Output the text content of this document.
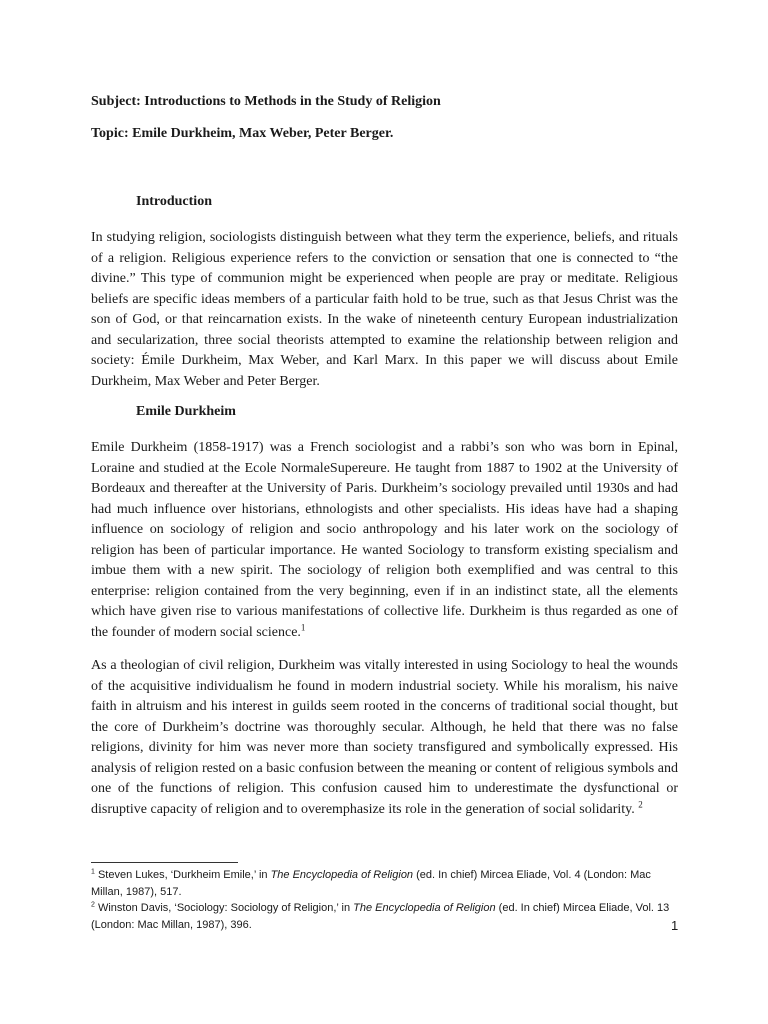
Subject: Introductions to Methods in the Study of Religion
Topic: Emile Durkheim, Max Weber, Peter Berger.
Introduction

In studying religion, sociologists distinguish between what they term the experience, beliefs, and rituals of a religion. Religious experience refers to the conviction or sensation that one is connected to “the divine.” This type of communion might be experienced when people are pray or meditate. Religious beliefs are specific ideas members of a particular faith hold to be true, such as that Jesus Christ was the son of God, or that reincarnation exists. In the wake of nineteenth century European industrialization and secularization, three social theorists attempted to examine the relationship between religion and society: Émile Durkheim, Max Weber, and Karl Marx. In this paper we will discuss about Emile Durkheim, Max Weber and Peter Berger.

Emile Durkheim

Emile Durkheim (1858-1917) was a French sociologist and a rabbi’s son who was born in Epinal, Loraine and studied at the Ecole NormaleSupereure. He taught from 1887 to 1902 at the University of Bordeaux and thereafter at the University of Paris. Durkheim’s sociology prevailed until 1930s and had had much influence over historians, ethnologists and other specialists. His ideas have had a shaping influence on sociology of religion and socio anthropology and his later work on the sociology of religion has been of particular importance. He wanted Sociology to transform existing specialism and imbue them with a new spirit. The sociology of religion both exemplified and was central to this enterprise: religion contained from the very beginning, even if in an indistinct state, all the elements which have given rise to various manifestations of collective life. Durkheim is thus regarded as one of the founder of modern social science.$^1$

As a theologian of civil religion, Durkheim was vitally interested in using Sociology to heal the wounds of the acquisitive individualism he found in modern industrial society. While his moralism, his naive faith in altruism and his interest in guilds seem rooted in the concerns of traditional social thought, but the core of Durkheim’s doctrine was thoroughly secular. Although, he held that there was no false religions, divinity for him was never more than society transfigured and symbolically expressed. His analysis of religion rested on a basic confusion between the meaning or content of religious symbols and one of the functions of religion. This confusion caused him to underestimate the dysfunctional or disruptive capacity of religion and to overemphasize its role in the generation of social solidarity. $^2$

$^1$ Steven Lukes, ‘Durkheim Emile,’ in The Encyclopedia of Religion (ed. In chief) Mircea Eliade, Vol. 4 (London: Mac Millan, 1987), 517.

$^2$ Winston Davis, ‘Sociology: Sociology of Religion,’ in The Encyclopedia of Religion (ed. In chief) Mircea Eliade, Vol. 13 (London: Mac Millan, 1987), 396.	1
